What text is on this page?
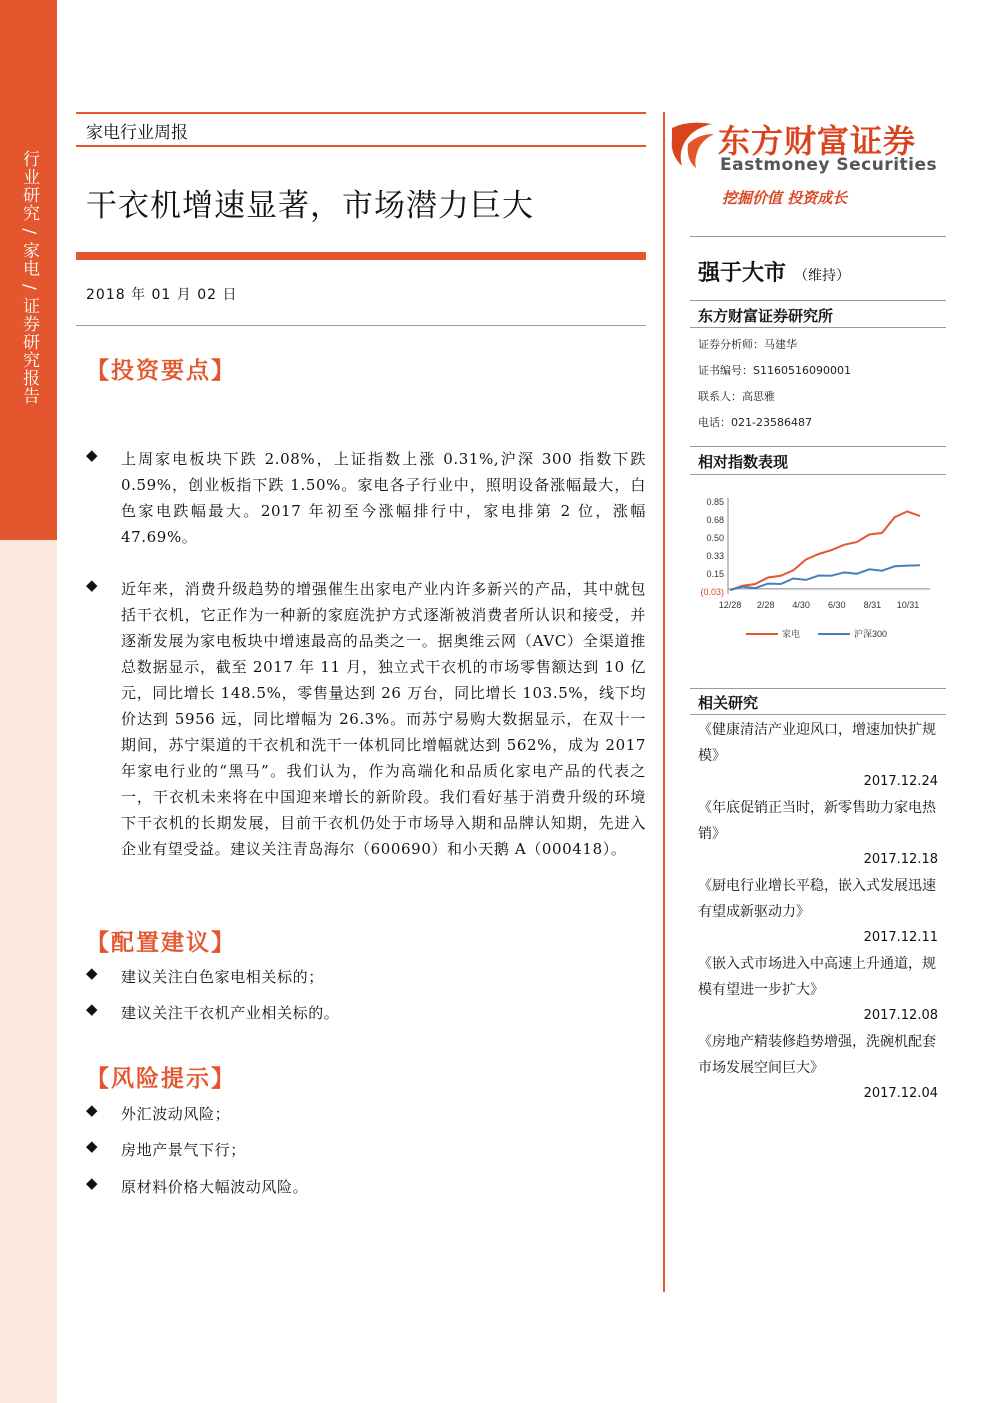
行业研究 / 家电 / 证券研究报告
家电行业周报
干衣机增速显著，市场潜力巨大
2018 年 01 月 02 日
【投资要点】
◆ 上周家电板块下跌 2.08%，上证指数上涨 0.31%,沪深 300 指数下跌 0.59%，创业板指下跌 1.50%。家电各子行业中，照明设备涨幅最大，白色家电跌幅最大。2017 年初至今涨幅排行中，家电排第 2 位，涨幅 47.69%。
◆ 近年来，消费升级趋势的增强催生出家电产业内许多新兴的产品，其中就包括干衣机，它正作为一种新的家庭洗护方式逐渐被消费者所认识和接受，并逐渐发展为家电板块中增速最高的品类之一。据奥维云网（AVC）全渠道推总数据显示，截至 2017 年 11 月，独立式干衣机的市场零售额达到 10 亿元，同比增长 148.5%，零售量达到 26 万台，同比增长 103.5%，线下均价达到 5956 远，同比增幅为 26.3%。而苏宁易购大数据显示，在双十一期间，苏宁渠道的干衣机和洗干一体机同比增幅就达到 562%，成为 2017 年家电行业的“黑马”。我们认为，作为高端化和品质化家电产品的代表之一，干衣机未来将在中国迎来增长的新阶段。我们看好基于消费升级的环境下干衣机的长期发展，目前干衣机仍处于市场导入期和品牌认知期，先进入企业有望受益。建议关注青岛海尔（600690）和小天鹅 A（000418）。
【配置建议】
◆ 建议关注白色家电相关标的；
◆ 建议关注干衣机产业相关标的。
【风险提示】
◆ 外汇波动风险；
◆ 房地产景气下行；
◆ 原材料价格大幅波动风险。
东方财富证券
Eastmoney Securities
挖掘价值 投资成长
强于大市 （维持）
东方财富证券研究所
证券分析师：马建华
证书编号：S1160516090001
联系人：高思雅
电话：021-23586487
相对指数表现
0.85
0.68
0.50
0.33
0.15
(0.03)
12/28 2/28 4/30 6/30 8/31 10/31
家电	沪深300
相关研究
《健康清洁产业迎风口，增速加快扩规模》
2017.12.24
《年底促销正当时，新零售助力家电热销》
2017.12.18
《厨电行业增长平稳，嵌入式发展迅速有望成新驱动力》
2017.12.11
《嵌入式市场进入中高速上升通道，规模有望进一步扩大》
2017.12.08
《房地产精装修趋势增强，洗碗机配套市场发展空间巨大》
2017.12.04
